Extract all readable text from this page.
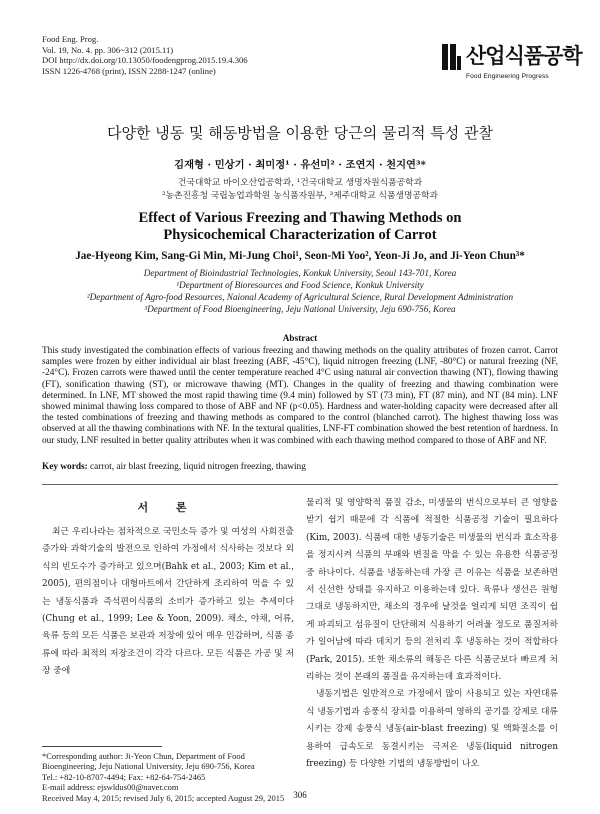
Food Eng. Prog.
Vol. 19, No. 4. pp. 306~312 (2015.11)
DOI http://dx.doi.org/10.13050/foodengprog.2015.19.4.306
ISSN 1226-4768 (print), ISSN 2288-1247 (online)
산업식품공학
Food Engineering Progress
다양한 냉동 및 해동방법을 이용한 당근의 물리적 특성 관찰
김재형 · 민상기 · 최미정¹ · 유선미² · 조연지 · 천지연³*
건국대학교 바이오산업공학과, ¹건국대학교 생명자원식품공학과
²농촌진흥청 국립농업과학원 농식품자원부, ³제주대학교 식품생명공학과
Effect of Various Freezing and Thawing Methods on
Physicochemical Characterization of Carrot
Jae-Hyeong Kim, Sang-Gi Min, Mi-Jung Choi¹, Seon-Mi Yoo², Yeon-Ji Jo, and Ji-Yeon Chun³*
Department of Bioindustrial Technologies, Konkuk University, Seoul 143-701, Korea
¹Department of Bioresources and Food Science, Konkuk University
²Department of Agro-food Resources, Naional Academy of Agricultural Science, Rural Development Administration
³Department of Food Bioengineering, Jeju National University, Jeju 690-756, Korea
Abstract
This study investigated the combination effects of various freezing and thawing methods on the quality attributes of frozen carrot. Carrot samples were frozen by either individual air blast freezing (ABF, -45°C), liquid nitrogen freezing (LNF, -80°C) or natural freezing (NF, -24°C). Frozen carrots were thawed until the center temperature reached 4°C using natural air convection thawing (NT), flowing thawing (FT), sonification thawing (ST), or microwave thawing (MT). Changes in the quality of freezing and thawing combination were determined. In LNF, MT showed the most rapid thawing time (9.4 min) followed by ST (73 min), FT (87 min), and NT (84 min). LNF showed minimal thawing loss compared to those of ABF and NF (p<0.05). Hardness and water-holding capacity were decreased after all the tested combinations of freezing and thawing methods as compared to the control (blanched carrot). The highest thawing loss was observed at all the thawing combinations with NF. In the textural qualities, LNF-FT combination showed the best retention of hardness. In our study, LNF resulted in better quality attributes when it was combined with each thawing method compared to those of ABF and NF.
Key words: carrot, air blast freezing, liquid nitrogen freezing, thawing
서 론

최근 우리나라는 점차적으로 국민소득 증가 및 여성의 사회진출 증가와 과학기술의 발전으로 인하여 가정에서 식사하는 것보다 외식의 빈도수가 증가하고 있으며(Bahk et al., 2003; Kim et al., 2005), 편의점이나 대형마트에서 간단하게 조리하여 먹을 수 있는 냉동식품과 즉석편이식품의 소비가 증가하고 있는 추세이다(Chung et al., 1999; Lee & Yoon, 2009). 채소, 야채, 어류, 육류 등의 모든 식품은 보관과 저장에 있어 매우 민감하며, 식품 종류에 따라 최적의 저장조건이 각각 다르다. 모든 식품은 가공 및 저장 중에

물리적 및 영양학적 품질 감소, 미생물의 번식으로부터 큰 영향을 받기 쉽기 때문에 각 식품에 적절한 식품공정 기술이 필요하다(Kim, 2003). 식품에 대한 냉동기술은 미생물의 번식과 효소작용을 정지시켜 식품의 부패와 변질을 막을 수 있는 유용한 식품공정 중 하나이다. 식품을 냉동하는데 가장 큰 이유는 식품을 보존하면서 신선한 상태를 유지하고 이용하는데 있다. 육류나 생선은 원형 그대로 냉동하지만, 채소의 경우에 날것을 얼리게 되면 조직이 쉽게 파괴되고 섬유질이 단단해져 식용하기 어려울 정도로 품질저하가 일어남에 따라 데치기 등의 전처리 후 냉동하는 것이 적합하다(Park, 2015). 또한 채소류의 해동은 다른 식품군보다 빠르게 처리하는 것이 본래의 품질을 유지하는데 효과적이다.

냉동기법은 일반적으로 가정에서 많이 사용되고 있는 자연대류식 냉동기법과 송풍식 장치를 이용하여 영하의 공기를 강제로 대류 시키는 강제 송풍식 냉동(air-blast freezing) 및 액화질소를 이용하여 급속도로 동결시키는 극저온 냉동(liquid nitrogen freezing) 등 다양한 기법의 냉동방법이 나오

*Corresponding author: Ji-Yeon Chun, Department of Food Bioengineering, Jeju National University, Jeju 690-756, Korea
Tel.: +82-10-8707-4494; Fax: +82-64-754-2465
E-mail address: ejswldus00@naver.com
Received May 4, 2015; revised July 6, 2015; accepted August 29, 2015	306
